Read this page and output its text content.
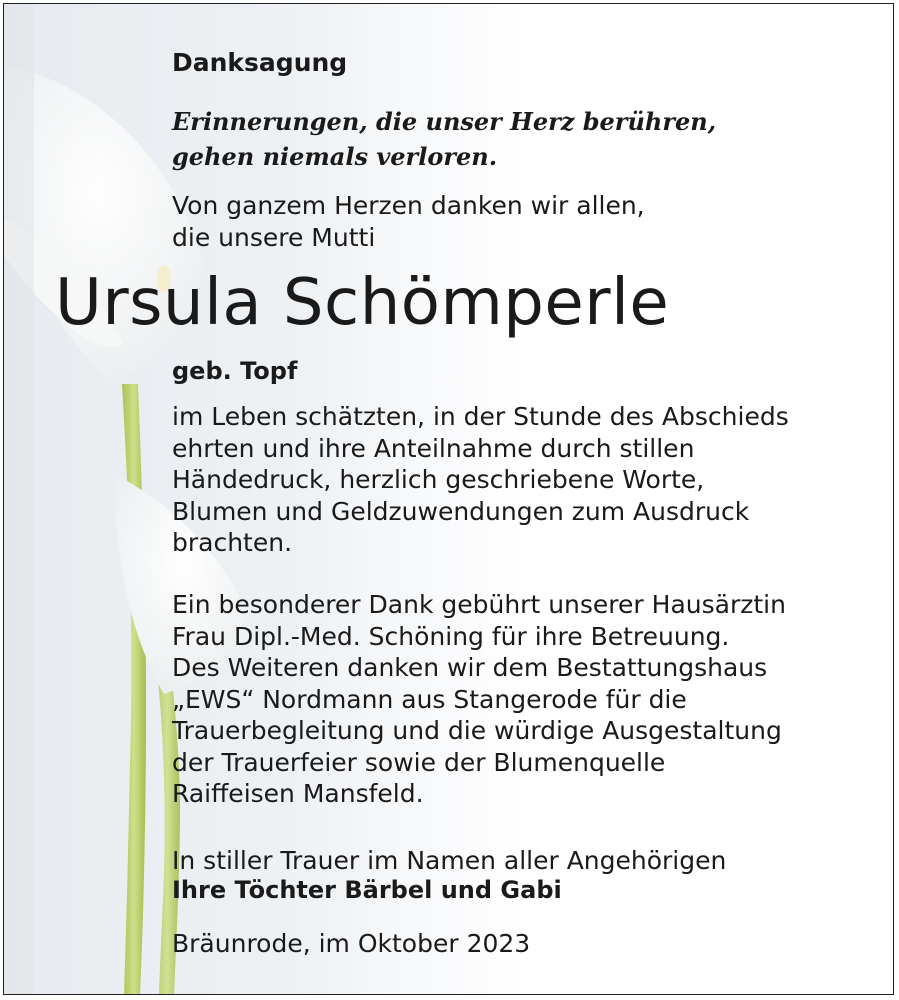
Danksagung

Erinnerungen, die unser Herz berühren,
gehen niemals verloren.
Von ganzem Herzen danken wir allen,
die unsere Mutti

Ursula Schömperle

geb. Topf

im Leben schätzten, in der Stunde des Abschieds
ehrten und ihre Anteilnahme durch stillen
Händedruck, herzlich geschriebene Worte,
Blumen und Geldzuwendungen zum Ausdruck
brachten.
Ein besonderer Dank gebührt unserer Hausärztin
Frau Dipl.-Med. Schöning für ihre Betreuung.
Des Weiteren danken wir dem Bestattungshaus
„EWS“ Nordmann aus Stangerode für die
Trauerbegleitung und die würdige Ausgestaltung
der Trauerfeier sowie der Blumenquelle
Raiffeisen Mansfeld.

In stiller Trauer im Namen aller Angehörigen

Ihre Töchter Bärbel und Gabi

Bräunrode, im Oktober 2023
